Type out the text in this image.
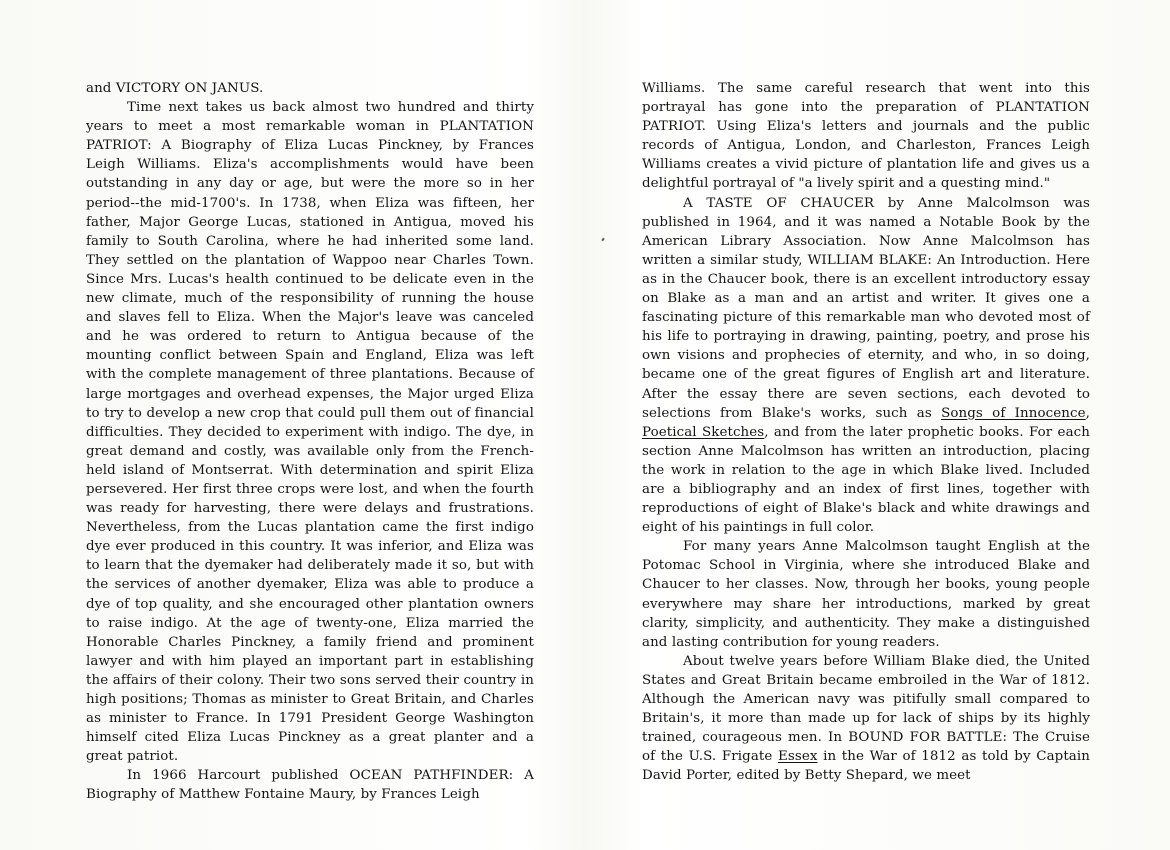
and VICTORY ON JANUS.

Time next takes us back almost two hundred and thirty years to meet a most remarkable woman in PLANTATION PATRIOT: A Biography of Eliza Lucas Pinckney, by Frances Leigh Williams. Eliza's accomplishments would have been outstanding in any day or age, but were the more so in her period--the mid-1700's. In 1738, when Eliza was fifteen, her father, Major George Lucas, stationed in Antigua, moved his family to South Carolina, where he had inherited some land. They settled on the plantation of Wappoo near Charles Town. Since Mrs. Lucas's health continued to be delicate even in the new climate, much of the responsibility of running the house and slaves fell to Eliza. When the Major's leave was canceled and he was ordered to return to Antigua because of the mounting conflict between Spain and England, Eliza was left with the complete management of three plantations. Because of large mortgages and overhead expenses, the Major urged Eliza to try to develop a new crop that could pull them out of financial difficulties. They decided to experiment with indigo. The dye, in great demand and costly, was available only from the French-held island of Montserrat. With determination and spirit Eliza persevered. Her first three crops were lost, and when the fourth was ready for harvesting, there were delays and frustrations. Nevertheless, from the Lucas plantation came the first indigo dye ever produced in this country. It was inferior, and Eliza was to learn that the dyemaker had deliberately made it so, but with the services of another dyemaker, Eliza was able to produce a dye of top quality, and she encouraged other plantation owners to raise indigo. At the age of twenty-one, Eliza married the Honorable Charles Pinckney, a family friend and prominent lawyer and with him played an important part in establishing the affairs of their colony. Their two sons served their country in high positions; Thomas as minister to Great Britain, and Charles as minister to France. In 1791 President George Washington himself cited Eliza Lucas Pinckney as a great planter and a great patriot.

In 1966 Harcourt published OCEAN PATHFINDER: A Biography of Matthew Fontaine Maury, by Frances Leigh

Williams. The same careful research that went into this portrayal has gone into the preparation of PLANTATION PATRIOT. Using Eliza's letters and journals and the public records of Antigua, London, and Charleston, Frances Leigh Williams creates a vivid picture of plantation life and gives us a delightful portrayal of "a lively spirit and a questing mind."

A TASTE OF CHAUCER by Anne Malcolmson was published in 1964, and it was named a Notable Book by the American Library Association. Now Anne Malcolmson has written a similar study, WILLIAM BLAKE: An Introduction. Here as in the Chaucer book, there is an excellent introductory essay on Blake as a man and an artist and writer. It gives one a fascinating picture of this remarkable man who devoted most of his life to portraying in drawing, painting, poetry, and prose his own visions and prophecies of eternity, and who, in so doing, became one of the great figures of English art and literature. After the essay there are seven sections, each devoted to selections from Blake's works, such as Songs of Innocence, Poetical Sketches, and from the later prophetic books. For each section Anne Malcolmson has written an introduction, placing the work in relation to the age in which Blake lived. Included are a bibliography and an index of first lines, together with reproductions of eight of Blake's black and white drawings and eight of his paintings in full color.

For many years Anne Malcolmson taught English at the Potomac School in Virginia, where she introduced Blake and Chaucer to her classes. Now, through her books, young people everywhere may share her introductions, marked by great clarity, simplicity, and authenticity. They make a distinguished and lasting contribution for young readers.

About twelve years before William Blake died, the United States and Great Britain became embroiled in the War of 1812. Although the American navy was pitifully small compared to Britain's, it more than made up for lack of ships by its highly trained, courageous men. In BOUND FOR BATTLE: The Cruise of the U.S. Frigate Essex in the War of 1812 as told by Captain David Porter, edited by Betty Shepard, we meet
